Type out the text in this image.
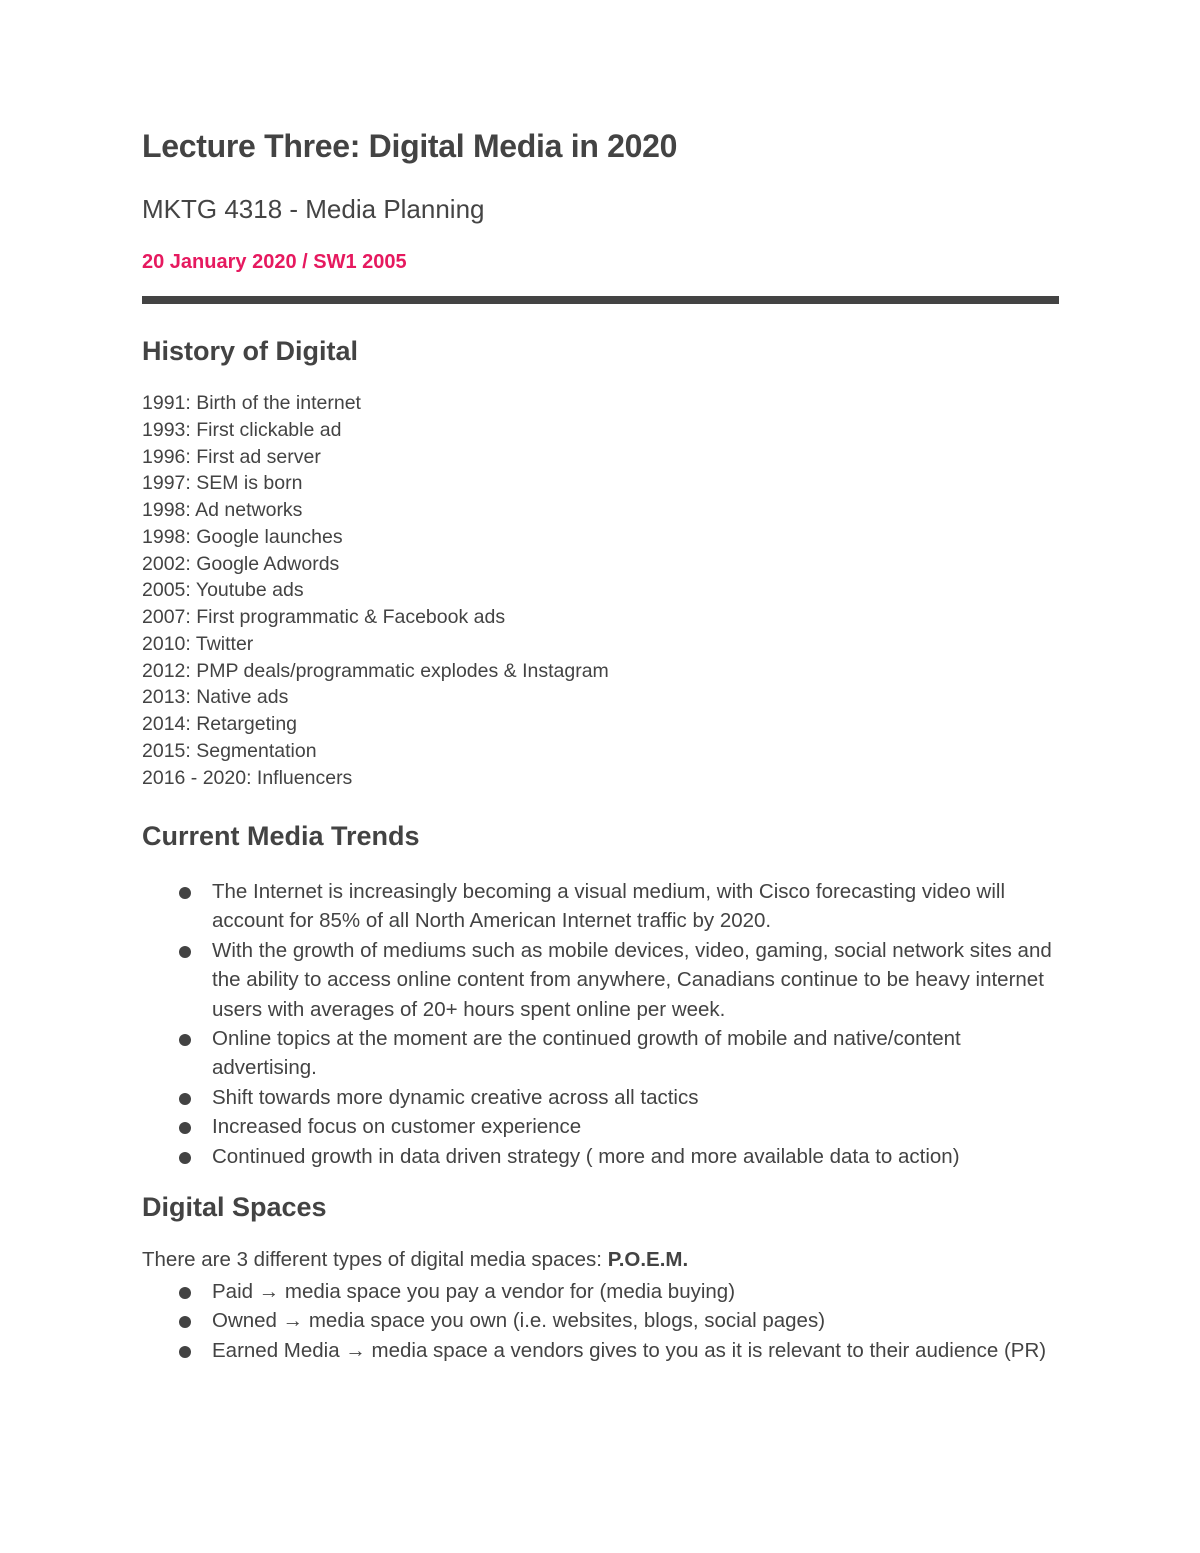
Lecture Three: Digital Media in 2020

MKTG 4318 - Media Planning

20 January 2020 / SW1 2005

History of Digital
1991: Birth of the internet
1993: First clickable ad
1996: First ad server
1997: SEM is born
1998: Ad networks
1998: Google launches
2002: Google Adwords
2005: Youtube ads
2007: First programmatic & Facebook ads
2010: Twitter
2012: PMP deals/programmatic explodes & Instagram
2013: Native ads
2014: Retargeting
2015: Segmentation
2016 - 2020: Influencers
Current Media Trends
The Internet is increasingly becoming a visual medium, with Cisco forecasting video will account for 85% of all North American Internet traffic by 2020.
With the growth of mediums such as mobile devices, video, gaming, social network sites and the ability to access online content from anywhere, Canadians continue to be heavy internet users with averages of 20+ hours spent online per week.
Online topics at the moment are the continued growth of mobile and native/content advertising.
Shift towards more dynamic creative across all tactics
Increased focus on customer experience
Continued growth in data driven strategy ( more and more available data to action)
Digital Spaces

There are 3 different types of digital media spaces: P.O.E.M.

Paid → media space you pay a vendor for (media buying)
Owned → media space you own (i.e. websites, blogs, social pages)
Earned Media → media space a vendors gives to you as it is relevant to their audience (PR)
